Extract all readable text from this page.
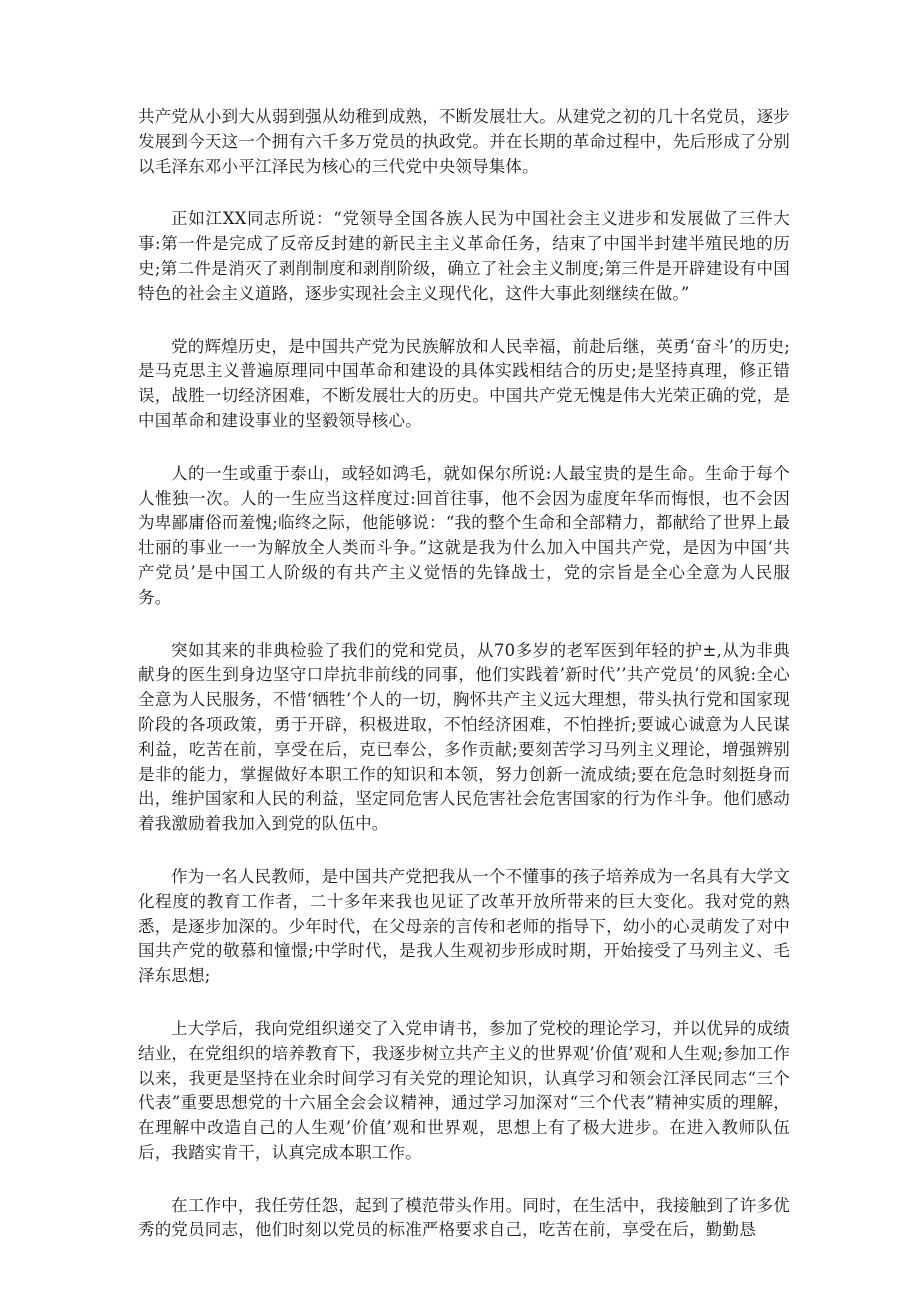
共产党从小到大从弱到强从幼稚到成熟，不断发展壮大。从建党之初的几十名党员，逐步发展到今天这一个拥有六千多万党员的执政党。并在长期的革命过程中，先后形成了分别以毛泽东邓小平江泽民为核心的三代党中央领导集体。

正如江XX同志所说：“党领导全国各族人民为中国社会主义进步和发展做了三件大事:第一件是完成了反帝反封建的新民主主义革命任务，结束了中国半封建半殖民地的历史;第二件是消灭了剥削制度和剥削阶级，确立了社会主义制度;第三件是开辟建设有中国特色的社会主义道路，逐步实现社会主义现代化，这件大事此刻继续在做。”

党的辉煌历史，是中国共产党为民族解放和人民幸福，前赴后继，英勇‘奋斗’的历史;是马克思主义普遍原理同中国革命和建设的具体实践相结合的历史;是坚持真理，修正错误，战胜一切经济困难，不断发展壮大的历史。中国共产党无愧是伟大光荣正确的党，是中国革命和建设事业的坚毅领导核心。

人的一生或重于泰山，或轻如鸿毛，就如保尔所说:人最宝贵的是生命。生命于每个人惟独一次。人的一生应当这样度过:回首往事，他不会因为虚度年华而悔恨，也不会因为卑鄙庸俗而羞愧;临终之际，他能够说：“我的整个生命和全部精力，都献给了世界上最壮丽的事业一一为解放全人类而斗争。”这就是我为什么加入中国共产党，是因为中国‘共产党员’是中国工人阶级的有共产主义觉悟的先锋战士，党的宗旨是全心全意为人民服务。

突如其来的非典检验了我们的党和党员，从70多岁的老军医到年轻的护±,从为非典献身的医生到身边坚守口岸抗非前线的同事，他们实践着’新时代’’共产党员’的风貌:全心全意为人民服务，不惜‘牺牲’个人的一切，胸怀共产主义远大理想，带头执行党和国家现阶段的各项政策，勇于开辟，积极进取，不怕经济困难，不怕挫折;要诚心诚意为人民谋利益，吃苦在前，享受在后，克已奉公，多作贡献;要刻苦学习马列主义理论，增强辨别是非的能力，掌握做好本职工作的知识和本领，努力创新一流成绩;要在危急时刻挺身而出，维护国家和人民的利益，坚定同危害人民危害社会危害国家的行为作斗争。他们感动着我激励着我加入到党的队伍中。

作为一名人民教师，是中国共产党把我从一个不懂事的孩子培养成为一名具有大学文化程度的教育工作者，二十多年来我也见证了改革开放所带来的巨大变化。我对党的熟悉，是逐步加深的。少年时代，在父母亲的言传和老师的指导下，幼小的心灵萌发了对中国共产党的敬慕和憧憬;中学时代，是我人生观初步形成时期，开始接受了马列主义、毛泽东思想;

上大学后，我向党组织递交了入党申请书，参加了党校的理论学习，并以优异的成绩结业，在党组织的培养教育下，我逐步树立共产主义的世界观’价值’观和人生观;参加工作以来，我更是坚持在业余时间学习有关党的理论知识，认真学习和领会江泽民同志“三个代表”重要思想党的十六届全会会议精神，通过学习加深对“三个代表”精神实质的理解，在理解中改造自己的人生观’价值’观和世界观，思想上有了极大进步。在进入教师队伍后，我踏实肯干，认真完成本职工作。

在工作中，我任劳任怨，起到了模范带头作用。同时，在生活中，我接触到了许多优秀的党员同志，他们时刻以党员的标准严格要求自己，吃苦在前，享受在后，勤勤恳
